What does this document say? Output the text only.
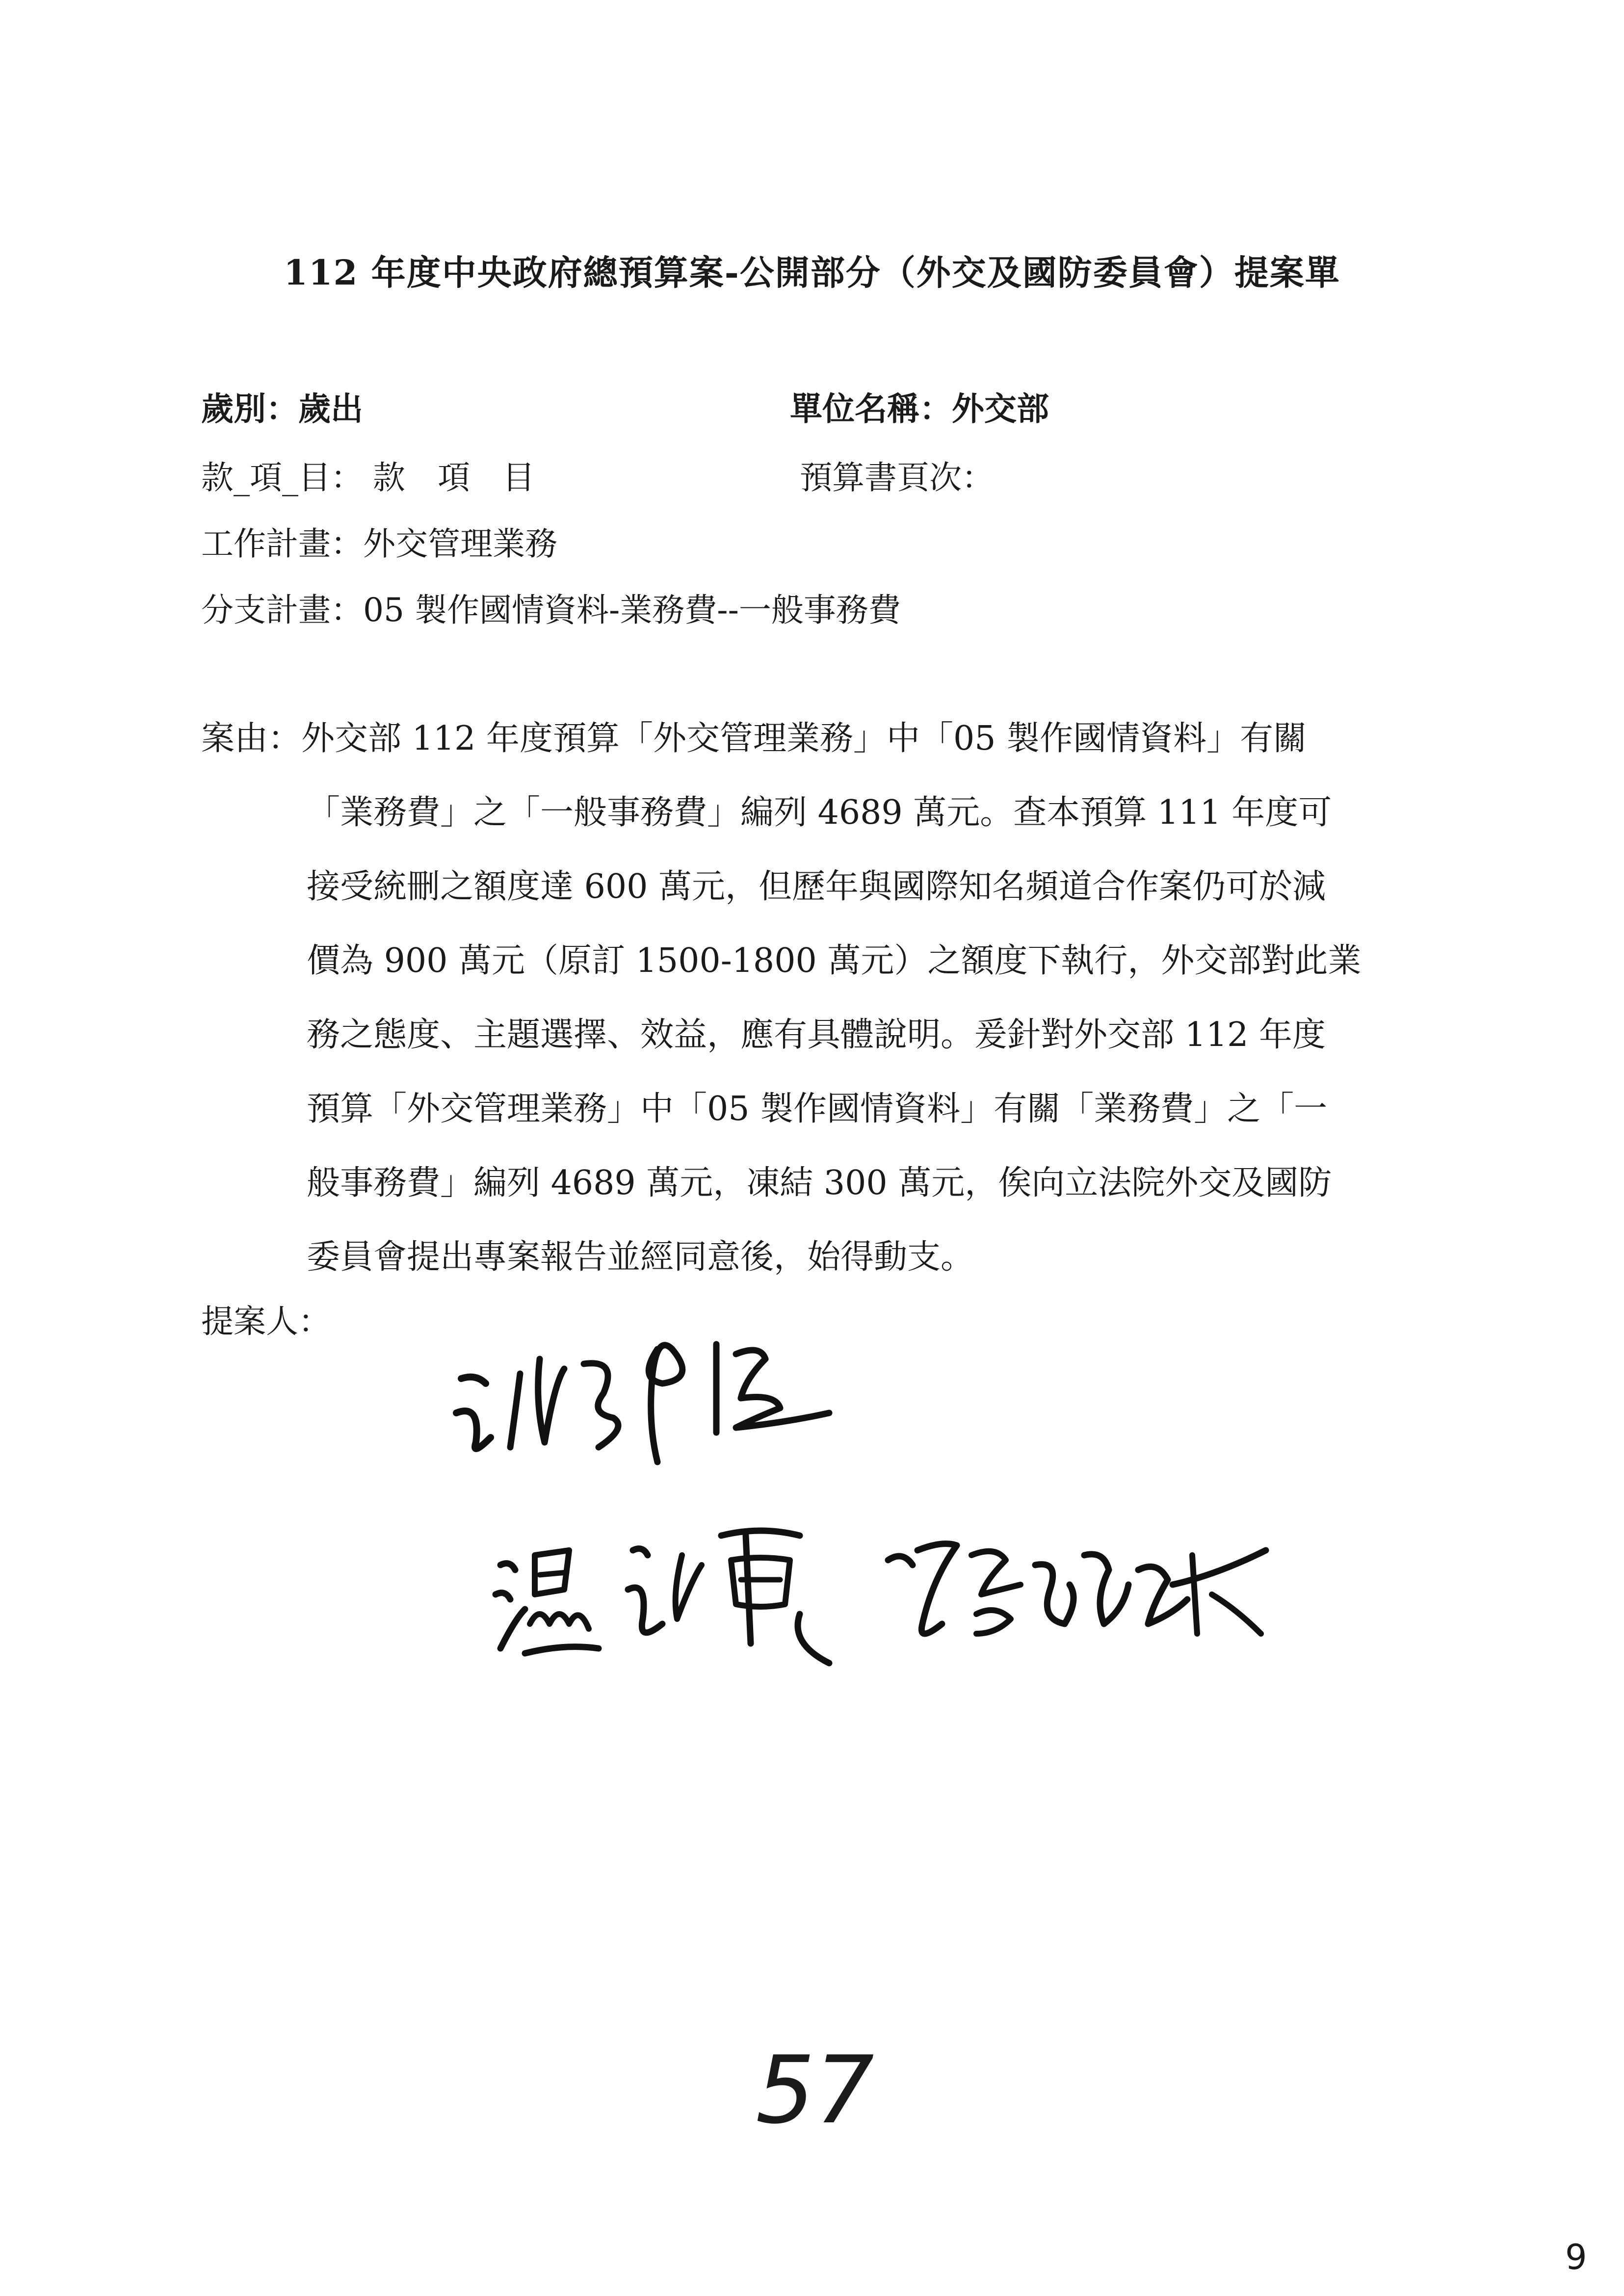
112 年度中央政府總預算案-公開部分（外交及國防委員會）提案單
歲別：歲出	單位名稱：外交部
款_項_目： 款　項　目	預算書頁次：
工作計畫：外交管理業務
分支計畫：05 製作國情資料-業務費--一般事務費
案由：外交部 112 年度預算「外交管理業務」中「05 製作國情資料」有關
「業務費」之「一般事務費」編列 4689 萬元。查本預算 111 年度可
接受統刪之額度達 600 萬元，但歷年與國際知名頻道合作案仍可於減
價為 900 萬元（原訂 1500-1800 萬元）之額度下執行，外交部對此業
務之態度、主題選擇、效益，應有具體說明。爰針對外交部 112 年度
預算「外交管理業務」中「05 製作國情資料」有關「業務費」之「一
般事務費」編列 4689 萬元，凍結 300 萬元，俟向立法院外交及國防
委員會提出專案報告並經同意後，始得動支。
提案人：
57
9
